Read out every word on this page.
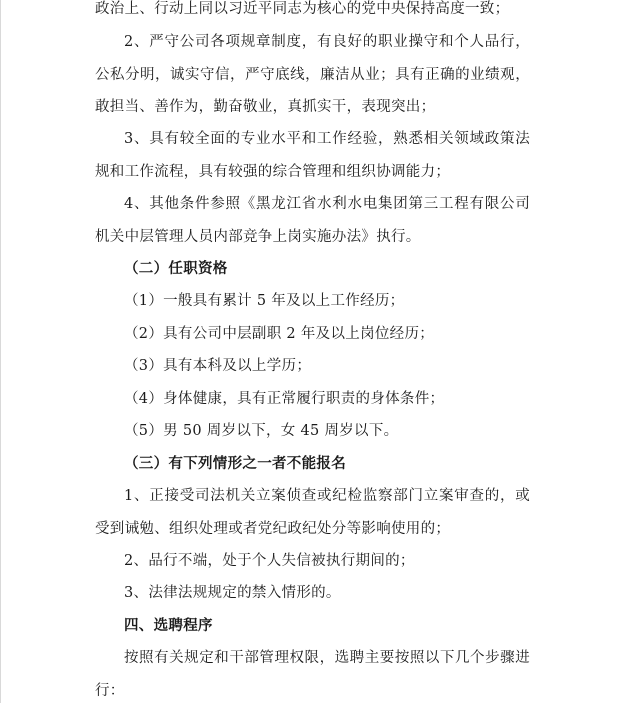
政治上、行动上同以习近平同志为核心的党中央保持高度一致；

2、严守公司各项规章制度，有良好的职业操守和个人品行，公私分明，诚实守信，严守底线，廉洁从业；具有正确的业绩观，敢担当、善作为，勤奋敬业，真抓实干，表现突出；

3、具有较全面的专业水平和工作经验，熟悉相关领域政策法规和工作流程，具有较强的综合管理和组织协调能力；

4、其他条件参照《黑龙江省水利水电集团第三工程有限公司机关中层管理人员内部竞争上岗实施办法》执行。

（二）任职资格

（1）一般具有累计 5 年及以上工作经历；

（2）具有公司中层副职 2 年及以上岗位经历；

（3）具有本科及以上学历；

（4）身体健康，具有正常履行职责的身体条件；

（5）男 50 周岁以下，女 45 周岁以下。

（三）有下列情形之一者不能报名

1、正接受司法机关立案侦查或纪检监察部门立案审查的，或受到诫勉、组织处理或者党纪政纪处分等影响使用的；

2、品行不端，处于个人失信被执行期间的；

3、法律法规规定的禁入情形的。

四、选聘程序

按照有关规定和干部管理权限，选聘主要按照以下几个步骤进行：
